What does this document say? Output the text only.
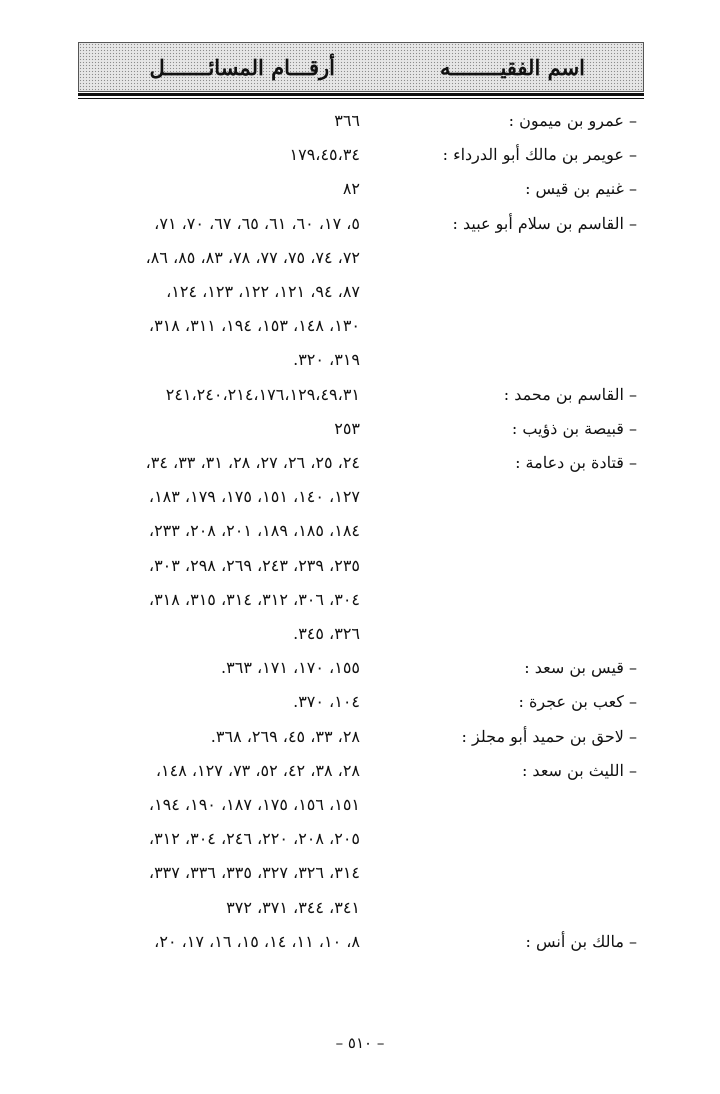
اسم الفقيــــــــه
أرقـــام المسائـــــــل
– عمرو بن ميمون :
٣٦٦
– عويمر بن مالك أبو الدرداء :
١٧٩،٤٥،٣٤
– غنيم بن قيس :
٨٢
– القاسم بن سلام أبو عبيد :
٥، ١٧، ٦٠، ٦١، ٦٥، ٦٧، ٧٠، ٧١،
٧٢، ٧٤، ٧٥، ٧٧، ٧٨، ٨٣، ٨٥، ٨٦،
٨٧، ٩٤، ١٢١، ١٢٢، ١٢٣، ١٢٤،
١٣٠، ١٤٨، ١٥٣، ١٩٤، ٣١١، ٣١٨،
٣١٩، ٣٢٠.
– القاسم بن محمد :
٢٤١،٢٤٠،٢١٤،١٧٦،١٢٩،٤٩،٣١
– قبيصة بن ذؤيب :
٢٥٣
– قتادة بن دعامة :
٢٤، ٢٥، ٢٦، ٢٧، ٢٨، ٣١، ٣٣، ٣٤،
١٢٧، ١٤٠، ١٥١، ١٧٥، ١٧٩، ١٨٣،
١٨٤، ١٨٥، ١٨٩، ٢٠١، ٢٠٨، ٢٣٣،
٢٣٥، ٢٣٩، ٢٤٣، ٢٦٩، ٢٩٨، ٣٠٣،
٣٠٤، ٣٠٦، ٣١٢، ٣١٤، ٣١٥، ٣١٨،
٣٢٦، ٣٤٥.
– قيس بن سعد :
١٥٥، ١٧٠، ١٧١، ٣٦٣.
– كعب بن عجرة :
١٠٤، ٣٧٠.
– لاحق بن حميد أبو مجلز :
٢٨، ٣٣، ٤٥، ٢٦٩، ٣٦٨.
– الليث بن سعد :
٢٨، ٣٨، ٤٢، ٥٢، ٧٣، ١٢٧، ١٤٨،
١٥١، ١٥٦، ١٧٥، ١٨٧، ١٩٠، ١٩٤،
٢٠٥، ٢٠٨، ٢٢٠، ٢٤٦، ٣٠٤، ٣١٢،
٣١٤، ٣٢٦، ٣٢٧، ٣٣٥، ٣٣٦، ٣٣٧،
٣٤١، ٣٤٤، ٣٧١، ٣٧٢
– مالك بن أنس :
٨، ١٠، ١١، ١٤، ١٥، ١٦، ١٧، ٢٠،
– ٥١٠ –
